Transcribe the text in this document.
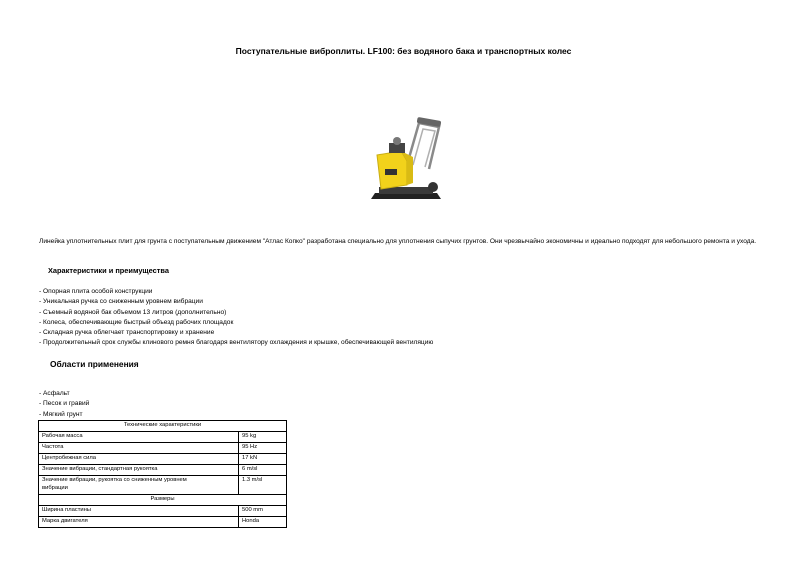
Поступательные виброплиты. LF100: без водяного бака и транспортных колес
Линейка уплотнительных плит для грунта с поступательным движением "Атлас Копко" разработана специально для уплотнения сыпучих грунтов. Они чрезвычайно экономичны и идеально подходят для небольшого ремонта и ухода.
Характеристики и преимущества
- Опорная плита особой конструкции
- Уникальная ручка со сниженным уровнем вибрации
- Съемный водяной бак объемом 13 литров (дополнительно)
- Колеса, обеспечивающие быстрый объезд рабочих площадок
- Складная ручка облегчает транспортировку и хранение
- Продолжительный срок службы клинового ремня благодаря вентилятору охлаждения и крышке, обеспечивающей вентиляцию
Области применения
- Асфальт
- Песок и гравий
- Мягкий грунт
Технические характеристики	
Рабочая масса	95 kg
Частота	95 Hz
Центробежная сила	17 kN
Значение вибрации, стандартная рукоятка	6 m/sl
Значение вибрации, рукоятка со сниженным уровнем вибрации	1.3 m/sl
Размеры	
Ширина пластины	500 mm
Марка двигателя	Honda
